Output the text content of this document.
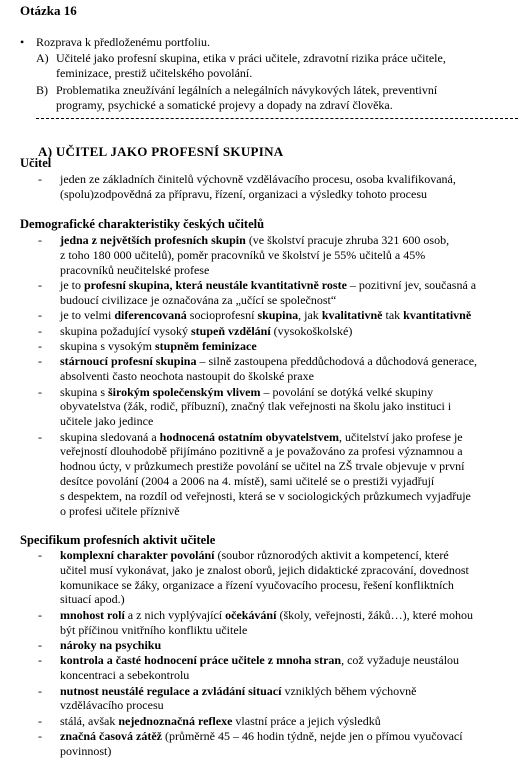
Otázka 16
• Rozprava k předloženému portfoliu.
A) Učitelé jako profesní skupina, etika v práci učitele, zdravotní rizika práce učitele,
feminizace, prestiž učitelského povolání.
B) Problematika zneužívání legálních a nelegálních návykových látek, preventivní
programy, psychické a somatické projevy a dopady na zdraví člověka.
A) UČITEL JAKO PROFESNÍ SKUPINA
Učitel
- jeden ze základních činitelů výchovně vzdělávacího procesu, osoba kvalifikovaná,
(spolu)zodpovědná za přípravu, řízení, organizaci a výsledky tohoto procesu
Demografické charakteristiky českých učitelů
- jedna z největších profesních skupin (ve školství pracuje zhruba 321 600 osob,
z toho 180 000 učitelů), poměr pracovníků ve školství je 55% učitelů a 45%
pracovníků neučitelské profese
- je to profesní skupina, která neustále kvantitativně roste – pozitivní jev, současná a
budoucí civilizace je označována za „učící se společnost“
- je to velmi diferencovaná socioprofesní skupina, jak kvalitativně tak kvantitativně
- skupina požadující vysoký stupeň vzdělání (vysokoškolské)
- skupina s vysokým stupněm feminizace
- stárnoucí profesní skupina – silně zastoupena předdůchodová a důchodová generace,
absolventi často neochota nastoupit do školské praxe
- skupina s širokým společenským vlivem – povolání se dotýká velké skupiny
obyvatelstva (žák, rodič, příbuzní), značný tlak veřejnosti na školu jako instituci i
učitele jako jedince
- skupina sledovaná a hodnocená ostatním obyvatelstvem, učitelství jako profese je
veřejností dlouhodobě přijímáno pozitivně a je považováno za profesi významnou a
hodnou úcty, v průzkumech prestiže povolání se učitel na ZŠ trvale objevuje v první
desítce povolání (2004 a 2006 na 4. místě), sami učitelé se o prestiži vyjadřují
s despektem, na rozdíl od veřejnosti, která se v sociologických průzkumech vyjadřuje
o profesi učitele příznivě
Specifikum profesních aktivit učitele
- komplexní charakter povolání (soubor různorodých aktivit a kompetencí, které
učitel musí vykonávat, jako je znalost oborů, jejich didaktické zpracování, dovednost
komunikace se žáky, organizace a řízení vyučovacího procesu, řešení konfliktních
situací apod.)
- mnohost rolí a z nich vyplývající očekávání (školy, veřejnosti, žáků…), které mohou
být příčinou vnitřního konfliktu učitele
- nároky na psychiku
- kontrola a časté hodnocení práce učitele z mnoha stran, což vyžaduje neustálou
koncentraci a sebekontrolu
- nutnost neustálé regulace a zvládání situací vzniklých během výchovně
vzdělávacího procesu
- stálá, avšak nejednoznačná reflexe vlastní práce a jejich výsledků
- značná časová zátěž (průměrně 45 – 46 hodin týdně, nejde jen o přímou vyučovací
povinnost)
